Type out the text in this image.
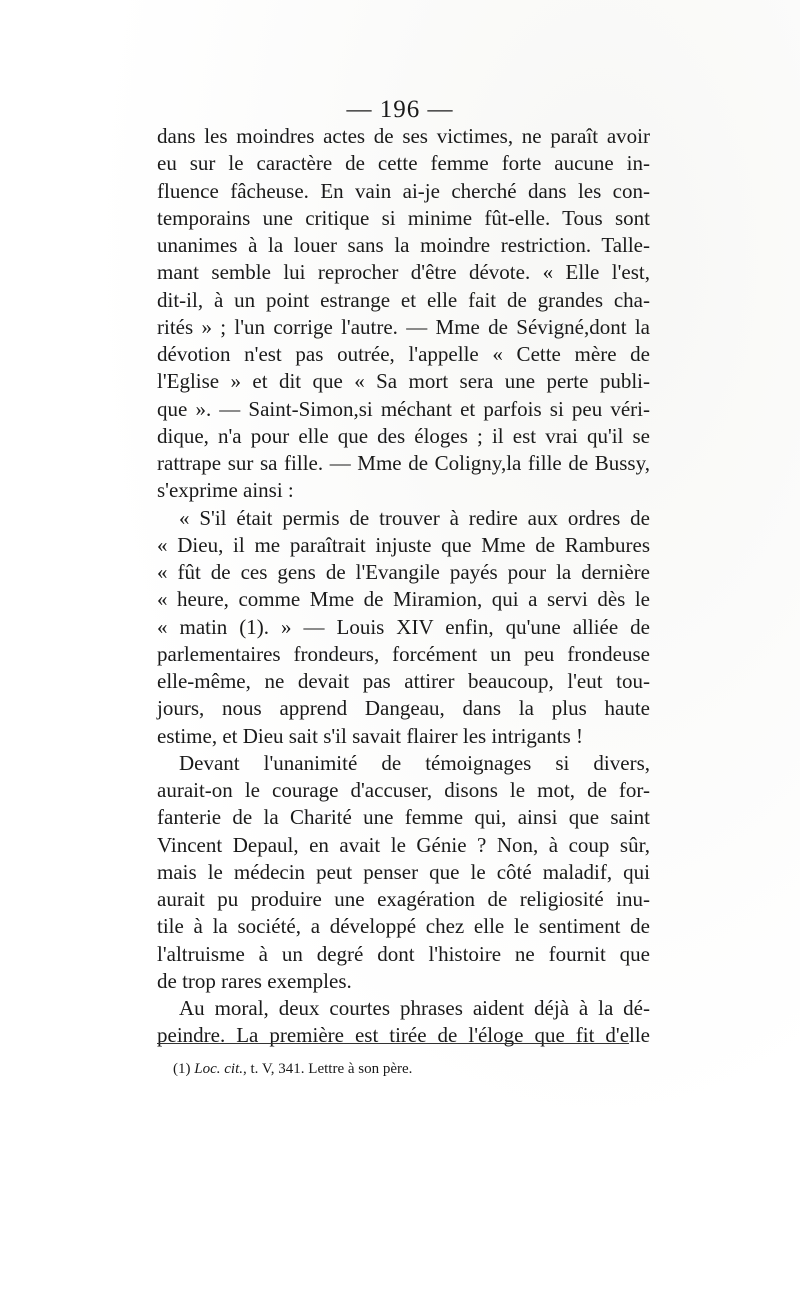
— 196 —
dans les moindres actes de ses victimes, ne paraît avoir
eu sur le caractère de cette femme forte aucune in-
fluence fâcheuse. En vain ai-je cherché dans les con-
temporains une critique si minime fût-elle. Tous sont
unanimes à la louer sans la moindre restriction. Talle-
mant semble lui reprocher d'être dévote. « Elle l'est,
dit-il, à un point estrange et elle fait de grandes cha-
rités » ; l'un corrige l'autre. — Mme de Sévigné,dont la
dévotion n'est pas outrée, l'appelle « Cette mère de
l'Eglise » et dit que « Sa mort sera une perte publi-
que ». — Saint-Simon,si méchant et parfois si peu véri-
dique, n'a pour elle que des éloges ; il est vrai qu'il se
rattrape sur sa fille. — Mme de Coligny,la fille de Bussy,
s'exprime ainsi :
« S'il était permis de trouver à redire aux ordres de
« Dieu, il me paraîtrait injuste que Mme de Rambures
« fût de ces gens de l'Evangile payés pour la dernière
« heure, comme Mme de Miramion, qui a servi dès le
« matin (1). » — Louis XIV enfin, qu'une alliée de
parlementaires frondeurs, forcément un peu frondeuse
elle-même, ne devait pas attirer beaucoup, l'eut tou-
jours, nous apprend Dangeau, dans la plus haute
estime, et Dieu sait s'il savait flairer les intrigants !
Devant l'unanimité de témoignages si divers,
aurait-on le courage d'accuser, disons le mot, de for-
fanterie de la Charité une femme qui, ainsi que saint
Vincent Depaul, en avait le Génie ? Non, à coup sûr,
mais le médecin peut penser que le côté maladif, qui
aurait pu produire une exagération de religiosité inu-
tile à la société, a développé chez elle le sentiment de
l'altruisme à un degré dont l'histoire ne fournit que
de trop rares exemples.
Au moral, deux courtes phrases aident déjà à la dé-
peindre. La première est tirée de l'éloge que fit d'elle
(1) Loc. cit., t. V, 341. Lettre à son père.
